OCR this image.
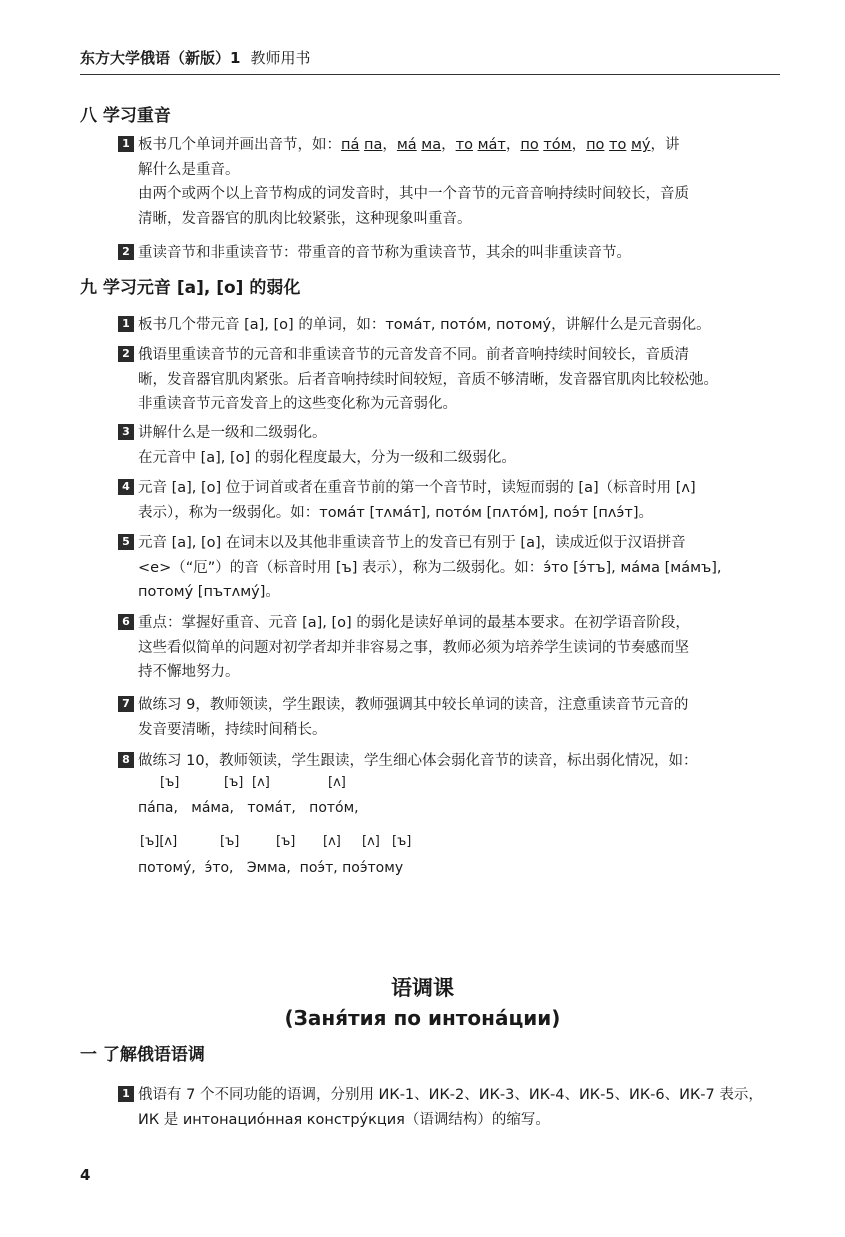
东方大学俄语（新版）1 教师用书
八 学习重音
1 板书几个单词并画出音节，如：па́ па，ма́ ма，то ма́т，по то́м，по то му́，讲
解什么是重音。
由两个或两个以上音节构成的词发音时，其中一个音节的元音音响持续时间较长，音质
清晰，发音器官的肌肉比较紧张，这种现象叫重音。
2 重读音节和非重读音节：带重音的音节称为重读音节，其余的叫非重读音节。
1 板书几个带元音 [а], [о] 的单词，如：тома́т, пото́м, потому́，讲解什么是元音弱化。
2 俄语里重读音节的元音和非重读音节的元音发音不同。前者音响持续时间较长，音质清
晰，发音器官肌肉紧张。后者音响持续时间较短，音质不够清晰，发音器官肌肉比较松弛。
非重读音节元音发音上的这些变化称为元音弱化。
3 讲解什么是一级和二级弱化。
在元音中 [а], [о] 的弱化程度最大，分为一级和二级弱化。
4 元音 [а], [о] 位于词首或者在重音节前的第一个音节时，读短而弱的 [а]（标音时用 [ʌ]
表示），称为一级弱化。如：тома́т [тʌма́т], пото́м [пʌто́м], поэ́т [пʌэ́т]。
5 元音 [а], [о] 在词末以及其他非重读音节上的发音已有别于 [а]，读成近似于汉语拼音
<e>（“厄”）的音（标音时用 [ъ] 表示），称为二级弱化。如：э́то [э́тъ], ма́ма [ма́мъ],
потому́ [пътʌму́]。
6 重点：掌握好重音、元音 [а], [о] 的弱化是读好单词的最基本要求。在初学语音阶段，
这些看似简单的问题对初学者却并非容易之事，教师必须为培养学生读词的节奏感而坚
持不懈地努力。
7 做练习 9，教师领读，学生跟读，教师强调其中较长单词的读音，注意重读音节元音的
发音要清晰，持续时间稍长。
8 做练习 10，教师领读，学生跟读，学生细心体会弱化音节的读音，标出弱化情况，如：
1 俄语有 7 个不同功能的语调，分别用 ИК-1、ИК-2、ИК-3、ИК-4、ИК-5、ИК-6、ИК-7 表示，
ИК 是 интонацио́нная констру́кция（语调结构）的缩写。
[ъ]	[ъ] [ʌ]	[ʌ]
па́па,   ма́ма,   тома́т,   пото́м,
[ъ][ʌ]	[ъ]	[ъ] [ʌ] [ʌ] [ъ]
потому́,  э́то,   Эмма,  поэ́т, поэ́тому
语调课
(Заня́тия по интона́ции)
一 了解俄语语调
九 学习元音 [а], [о] 的弱化
4
